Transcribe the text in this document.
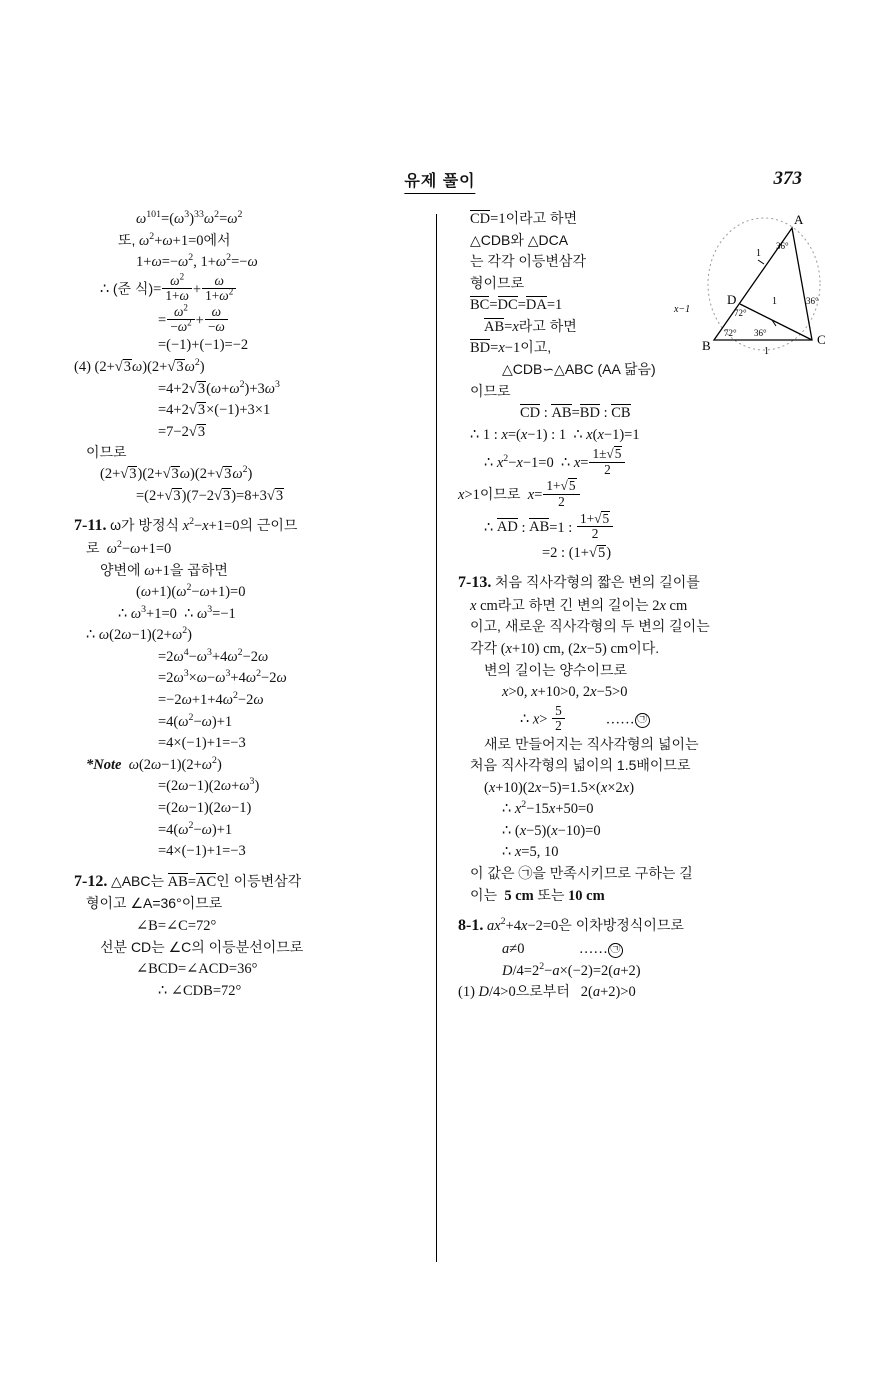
유제 풀이	373
$\omega^{101}=(\omega^3)^{33}\omega^2=\omega^2$
또, $\omega^2+\omega+1=0$에서
$1+\omega=-\omega^2$, $1+\omega^2=-\omega$
∴ (준 식)= $\frac{\omega^2}{1+\omega} + \frac{\omega}{1+\omega^2}$
= $\frac{\omega^2}{-\omega^2} + \frac{\omega}{-\omega}$
=(−1)+(−1)=−2
(4) $(2+√3\omega)(2+√3\omega^2)$
$=4+2√3(\omega+\omega^2)+3\omega^3$
=4+2√3×(−1)+3×1
=7−2√3
이므로
$(2+√3)(2+√3\omega)(2+√3\omega^2)$
=(2+√3)(7−2√3)=8+3√3
7-11. ω가 방정식 $x^2-x+1=0$의 근이므
로 $\omega^2-\omega+1=0$
양변에 ω+1을 곱하면
$(\omega+1)(\omega^2-\omega+1)=0$
∴ $\omega^3+1=0$  ∴ $\omega^3=-1$
∴ $\omega(2\omega-1)(2+\omega^2)$
$=2\omega^4-\omega^3+4\omega^2-2\omega$
$=2\omega^3\times\omega-\omega^3+4\omega^2-2\omega$
$=-2\omega+1+4\omega^2-2\omega$
$=4(\omega^2-\omega)+1$
=4×(−1)+1=−3
*Note $\omega(2\omega-1)(2+\omega^2)$
$=(2\omega-1)(2\omega+\omega^3)$
=(2ω−1)(2ω−1)
$=4(\omega^2-\omega)+1$
=4×(−1)+1=−3
7-12. △ABC는 AB=AC인 이등변삼각
형이고 ∠A=36°이므로
∠B=∠C=72°
선분 CD는 ∠C의 이등분선이므로
∠BCD=∠ACD=36°
∴ ∠CDB=72°
CD=1이라고 하면
△CDB와 △DCA
는 각각 이등변삼각
형이므로
BC=DC=DA=1
AB=x라고 하면
BD=x−1이고,
△CDB∽△ABC (AA 닮음)
이므로
CD : AB=BD : CB
∴ 1 : x=(x−1) : 1  ∴ x(x−1)=1
∴ $x^2-x-1=0$  ∴ $x= \frac{1\pm√5}{2}$
x>1이므로 $x= \frac{1+√5}{2}$
∴ AD : AB=1 : $\frac{1+√5}{2}$
=2 : (1+√5)
7-13. 처음 직사각형의 짧은 변의 길이를
x cm라고 하면 긴 변의 길이는 2x cm
이고, 새로운 직사각형의 두 변의 길이는
각각 (x+10) cm, (2x−5) cm이다.
변의 길이는 양수이므로
x>0, x+10>0, 2x−5>0
∴ $x> \frac{5}{2}$ …… ㉠
새로 만들어지는 직사각형의 넓이는
처음 직사각형의 넓이의 1.5배이므로
(x+10)(2x−5)=1.5×(x×2x)
∴ $x^2-15x+50=0$
∴ (x−5)(x−10)=0
∴ x=5, 10
이 값은 ㉠을 만족시키므로 구하는 길
이는 5 cm 또는 10 cm
8-1. $ax^2+4x-2=0$은 이차방정식이므로
a≠0               …… ㉠
$D/4=2^2-a\times(-2)=2(a+2)$
(1) D/4>0으로부터   2(a+2)>0
A
D
B	C
1
36°
x−1
1	36°
72°
72° 36°
1
